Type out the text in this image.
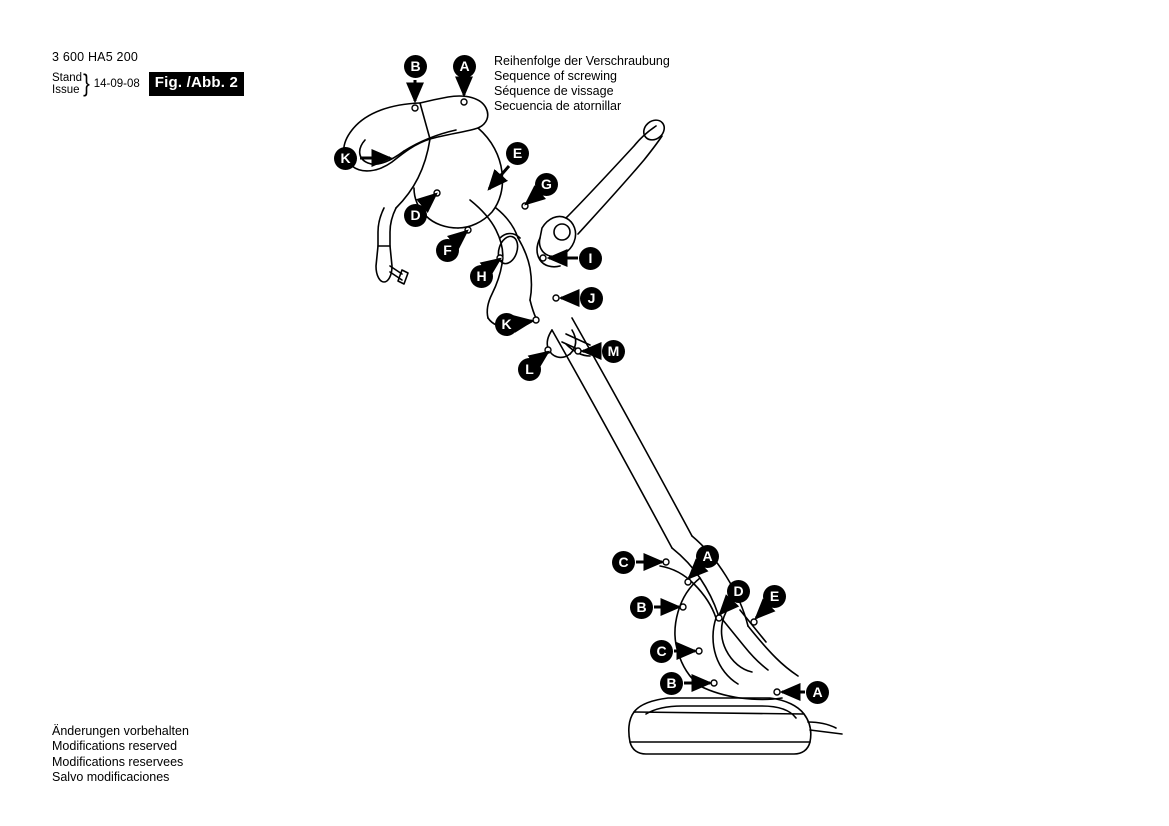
3 600 HA5 200
Stand
Issue } 14-09-08	Fig. /Abb. 2
Reihenfolge der Verschraubung
Sequence of screwing
Séquence de vissage
Secuencia de atornillar
Änderungen vorbehalten
Modifications reserved
Modifications reservees
Salvo modificaciones
B	A
K	E
G
D
F	I
H
J
K
M
L
C	A
B
D	E
C
B
A
